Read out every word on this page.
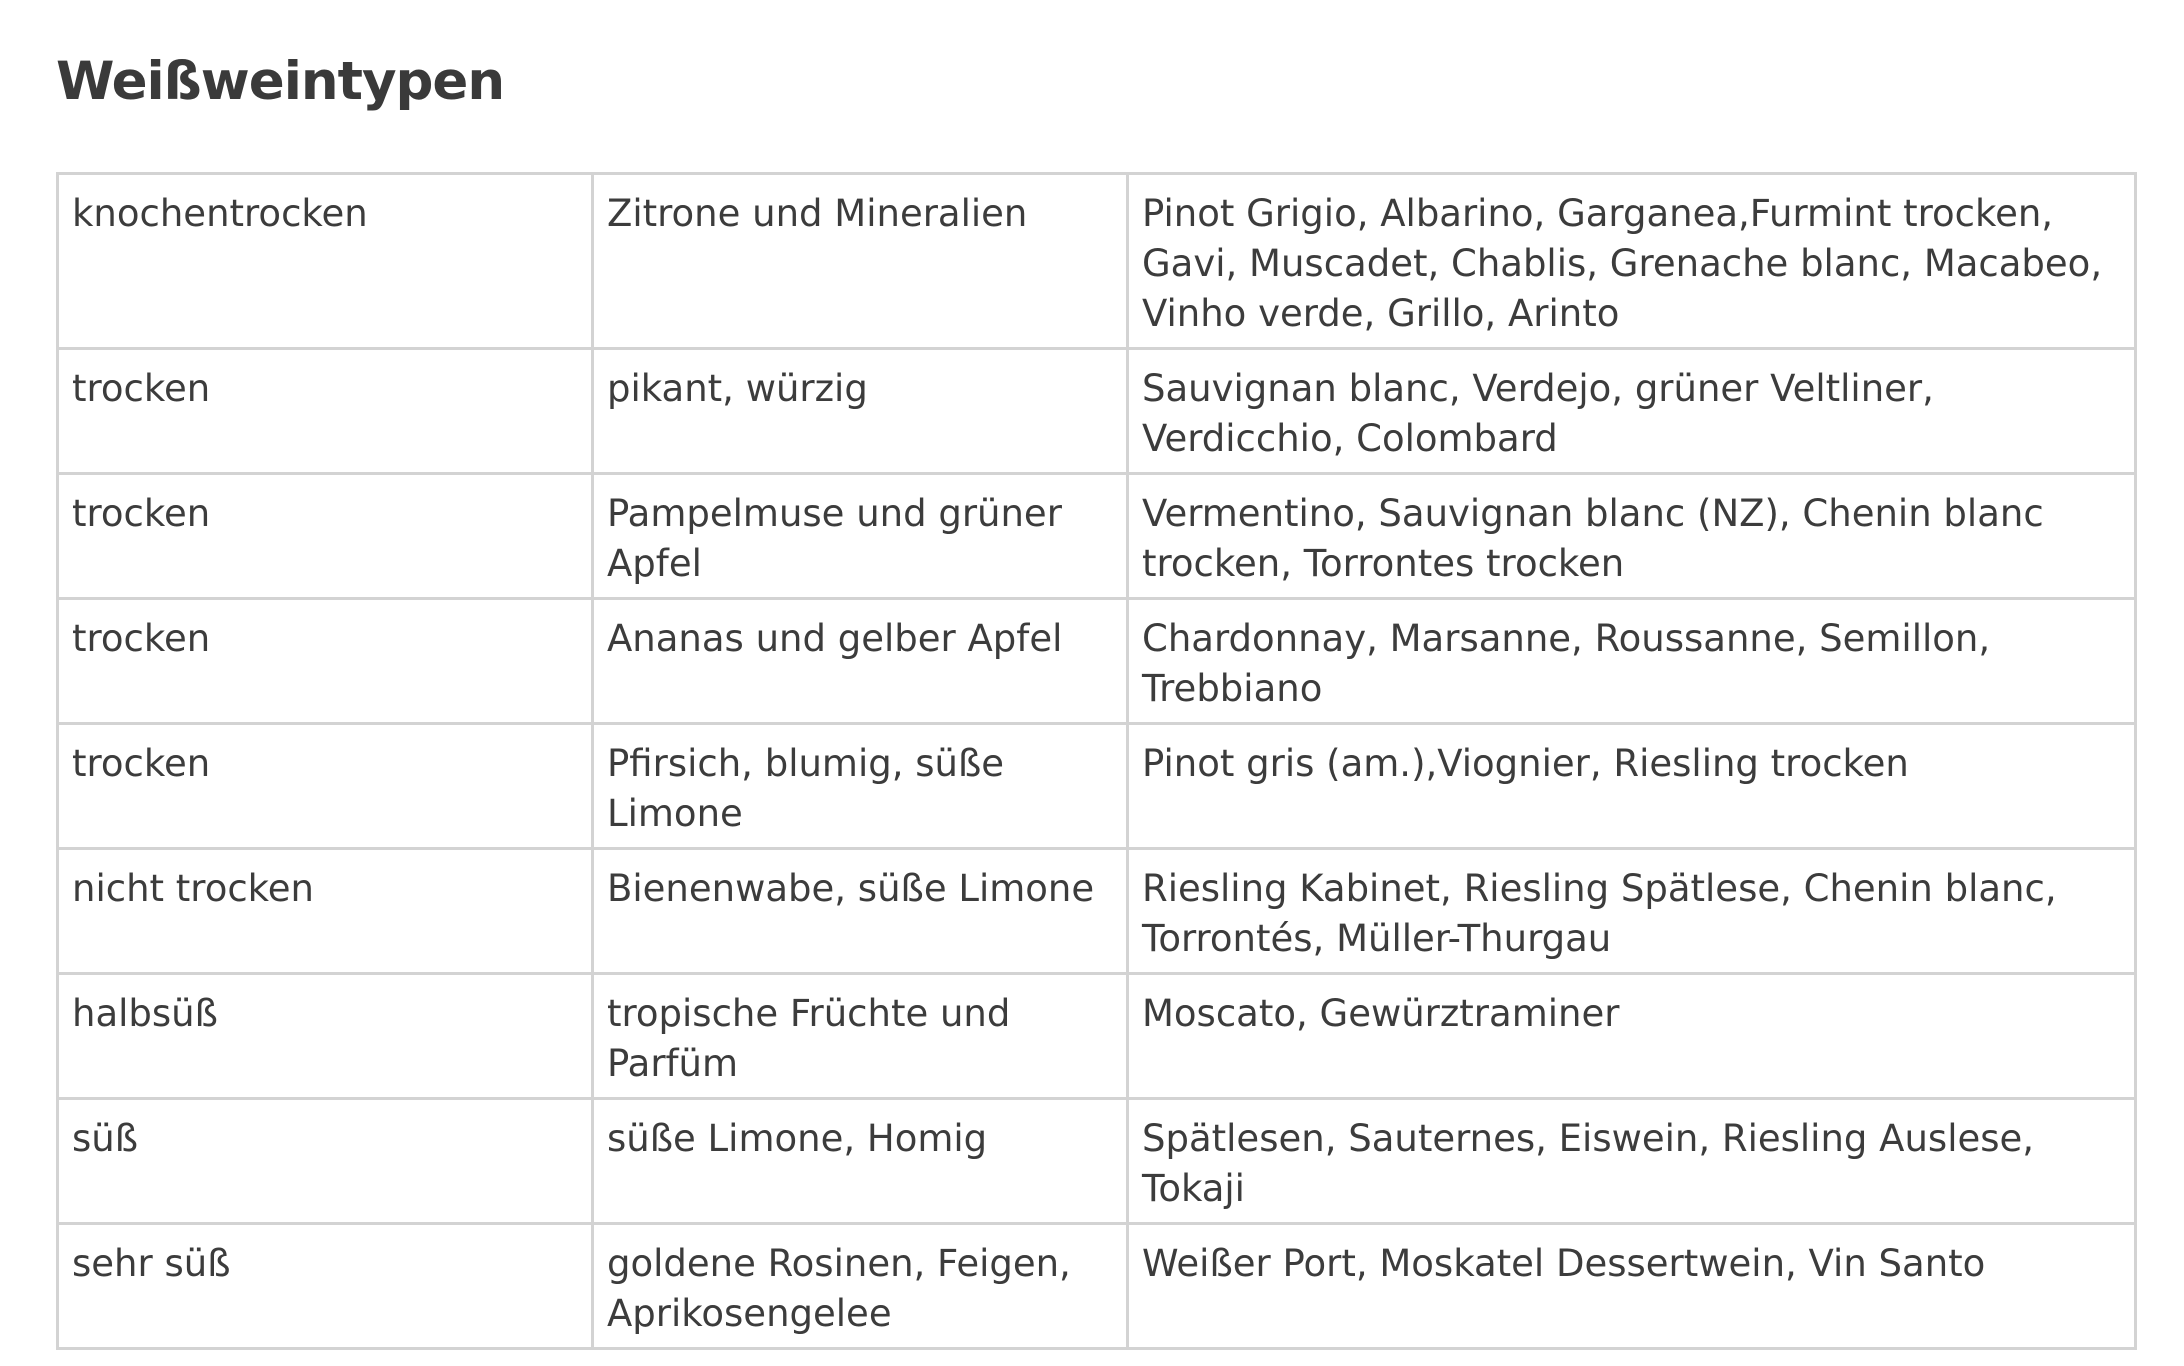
Weißweintypen
knochentrocken	Zitrone und Mineralien	Pinot Grigio, Albarino, Garganea,Furmint trocken, Gavi, Muscadet, Chablis, Grenache blanc, Macabeo, Vinho verde, Grillo, Arinto
trocken	pikant, würzig	Sauvignan blanc, Verdejo, grüner Veltliner, Verdicchio, Colombard
trocken	Pampelmuse und grüner Apfel	Vermentino, Sauvignan blanc (NZ), Chenin blanc trocken, Torrontes trocken
trocken	Ananas und gelber Apfel	Chardonnay, Marsanne, Roussanne, Semillon, Trebbiano
trocken	Pfirsich, blumig, süße Limone	Pinot gris (am.),Viognier, Riesling trocken
nicht trocken	Bienenwabe, süße Limone	Riesling Kabinet, Riesling Spätlese, Chenin blanc, Torrontés, Müller-Thurgau
halbsüß	tropische Früchte und Parfüm	Moscato, Gewürztraminer
süß	süße Limone, Homig	Spätlesen, Sauternes, Eiswein, Riesling Auslese, Tokaji
sehr süß	goldene Rosinen, Feigen, Aprikosengelee	Weißer Port, Moskatel Dessertwein, Vin Santo
